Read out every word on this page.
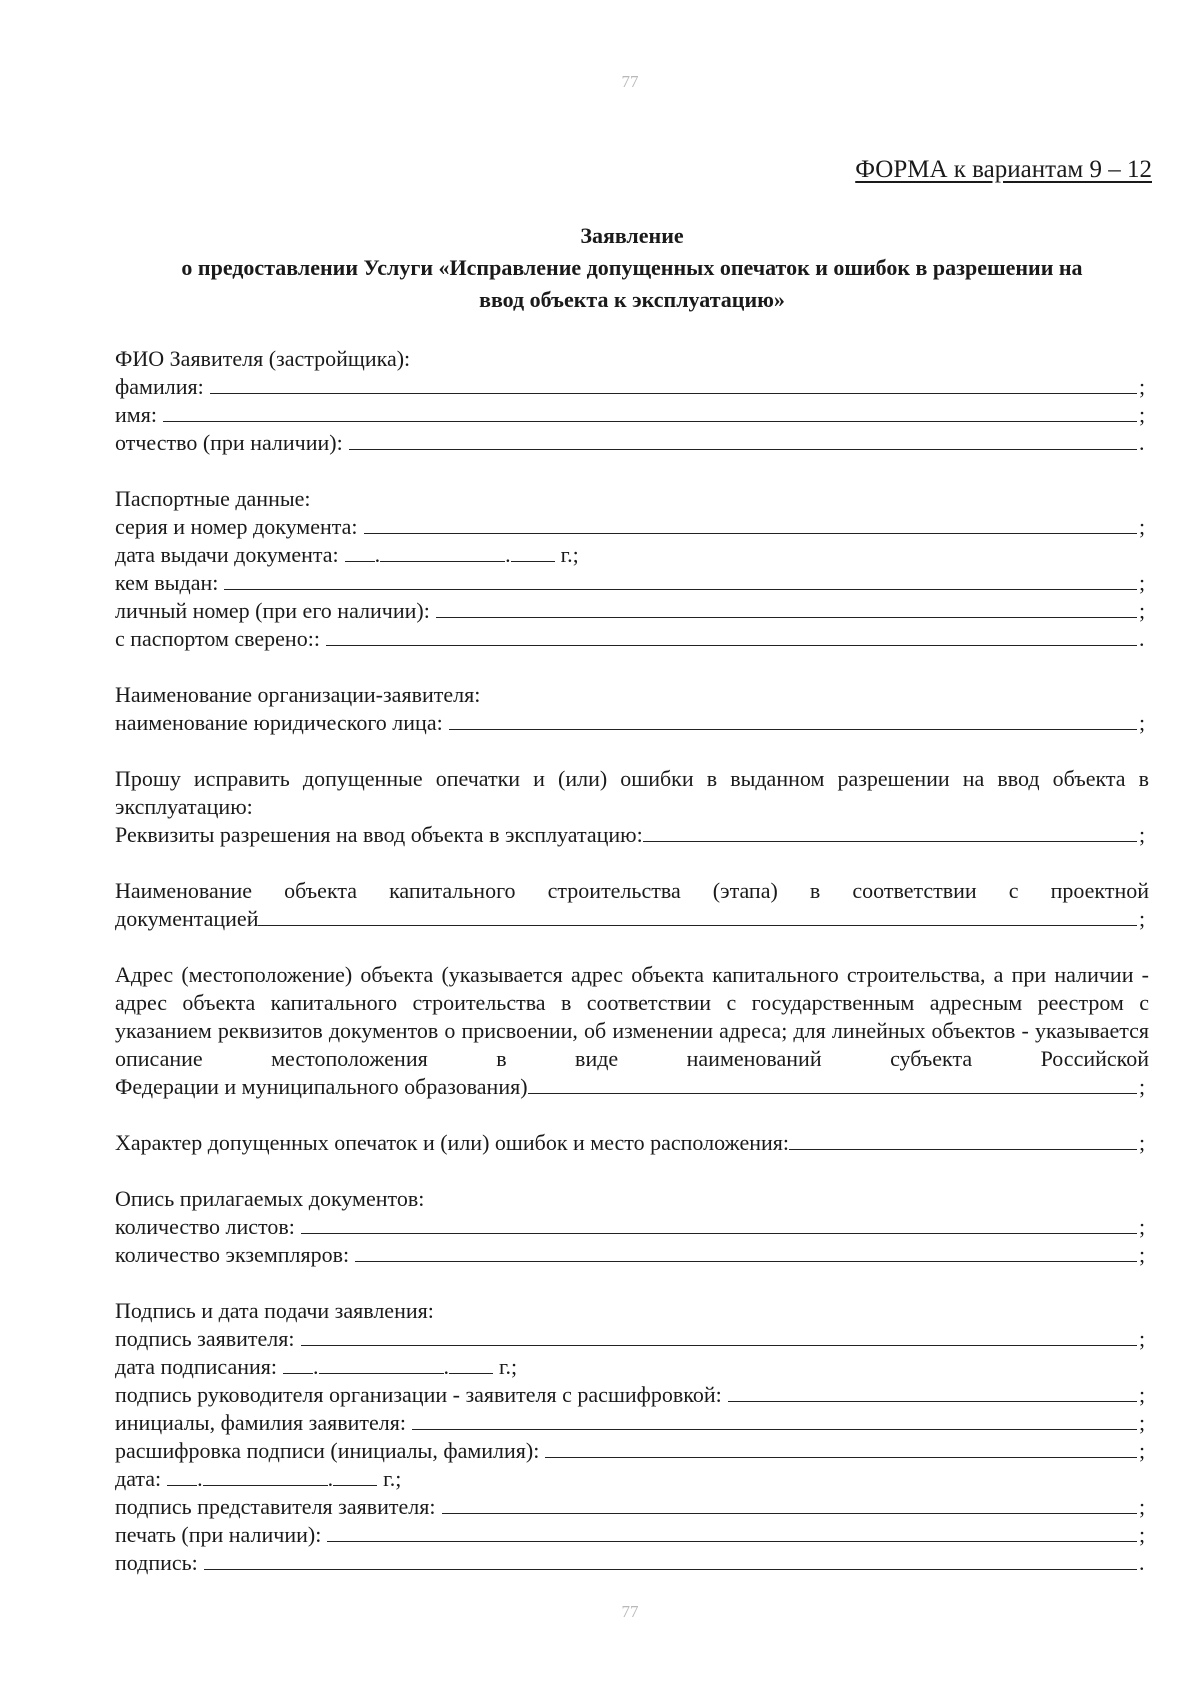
77
ФОРМА к вариантам 9 – 12
Заявление
о предоставлении Услуги «Исправление допущенных опечаток и ошибок в разрешении на
ввод объекта к эксплуатацию»
ФИО Заявителя (застройщика):
фамилия:	;
имя:	;
отчество (при наличии):	.
Паспортные данные:
серия и номер документа:	;
дата выдачи документа: .	. г.;
кем выдан:	;
личный номер (при его наличии):	;
с паспортом сверено::	.
Наименование организации-заявителя:
наименование юридического лица:	;
Прошу исправить допущенные опечатки и (или) ошибки в выданном разрешении на ввод объекта в эксплуатацию:
Реквизиты разрешения на ввод объекта в эксплуатацию:	;
Наименование объекта капитального строительства (этапа) в соответствии с проектной
документацией	;
Адрес (местоположение) объекта (указывается адрес объекта капитального строительства, а при наличии - адрес объекта капитального строительства в соответствии с государственным адресным реестром с указанием реквизитов документов о присвоении, об изменении адреса; для линейных объектов - указывается описание местоположения в виде наименований субъекта Российской
Федерации и муниципального образования)	;
Характер допущенных опечаток и (или) ошибок и место расположения:	;
Опись прилагаемых документов:
количество листов:	;
количество экземпляров:	;
Подпись и дата подачи заявления:
подпись заявителя:	;
дата подписания: .	. г.;
подпись руководителя организации - заявителя с расшифровкой:	;
инициалы, фамилия заявителя:	;
расшифровка подписи (инициалы, фамилия):	;
дата: .	. г.;
подпись представителя заявителя:	;
печать (при наличии):	;
подпись:	.
77
